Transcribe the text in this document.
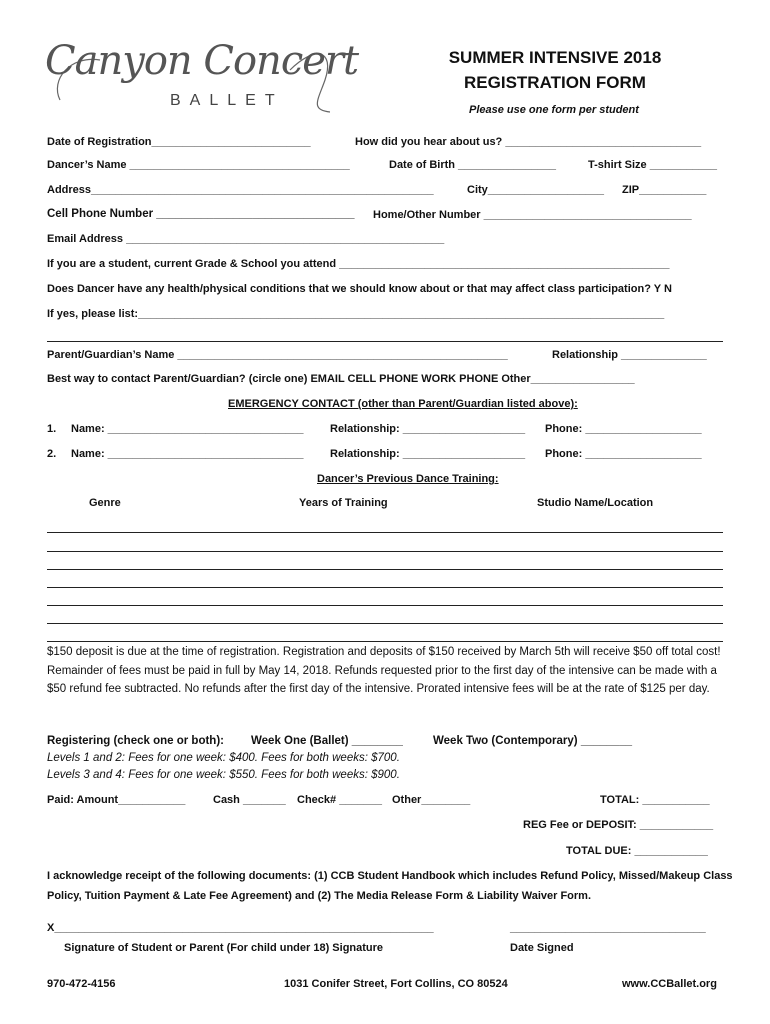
Canyon Concert
BALLET
SUMMER INTENSIVE 2018
REGISTRATION FORM
Please use one form per student
Date of Registration__________________________	How did you hear about us? ________________________________
Dancer’s Name ____________________________________	Date of Birth ________________	T-shirt Size ___________
Address________________________________________________________	City___________________ ZIP___________
Cell Phone Number _______________________________ Home/Other Number __________________________________
Email Address ____________________________________________________
If you are a student, current Grade & School you attend ______________________________________________________
Does Dancer have any health/physical conditions that we should know about or that may affect class participation? Y N
If yes, please list:______________________________________________________________________________________
Parent/Guardian’s Name ______________________________________________________	Relationship ______________
Best way to contact Parent/Guardian? (circle one) EMAIL CELL PHONE WORK PHONE Other_________________
EMERGENCY CONTACT (other than Parent/Guardian listed above):
1. Name: ________________________________ Relationship: ____________________ Phone: ___________________
2. Name: ________________________________ Relationship: ____________________ Phone: ___________________
Dancer’s Previous Dance Training:
Genre	Years of Training	Studio Name/Location
$150 deposit is due at the time of registration. Registration and deposits of $150 received by March 5th will receive $50 off total cost! Remainder of fees must be paid in full by May 14, 2018. Refunds requested prior to the first day of the intensive can be made with a $50 refund fee subtracted. No refunds after the first day of the intensive. Prorated intensive fees will be at the rate of $125 per day.
Registering (check one or both): Week One (Ballet) ________	Week Two (Contemporary) ________
Levels 1 and 2: Fees for one week: $400. Fees for both weeks: $700.
Levels 3 and 4: Fees for one week: $550. Fees for both weeks: $900.
Paid: Amount___________	Cash _______ Check# _______ Other________	TOTAL: ___________
REG Fee or DEPOSIT: ____________
TOTAL DUE: ____________
I acknowledge receipt of the following documents: (1) CCB Student Handbook which includes Refund Policy, Missed/Makeup Class Policy, Tuition Payment & Late Fee Agreement) and (2) The Media Release Form & Liability Waiver Form.
X______________________________________________________________	________________________________
Signature of Student or Parent (For child under 18) Signature	Date Signed
970-472-4156	1031 Conifer Street, Fort Collins, CO 80524	www.CCBallet.org
